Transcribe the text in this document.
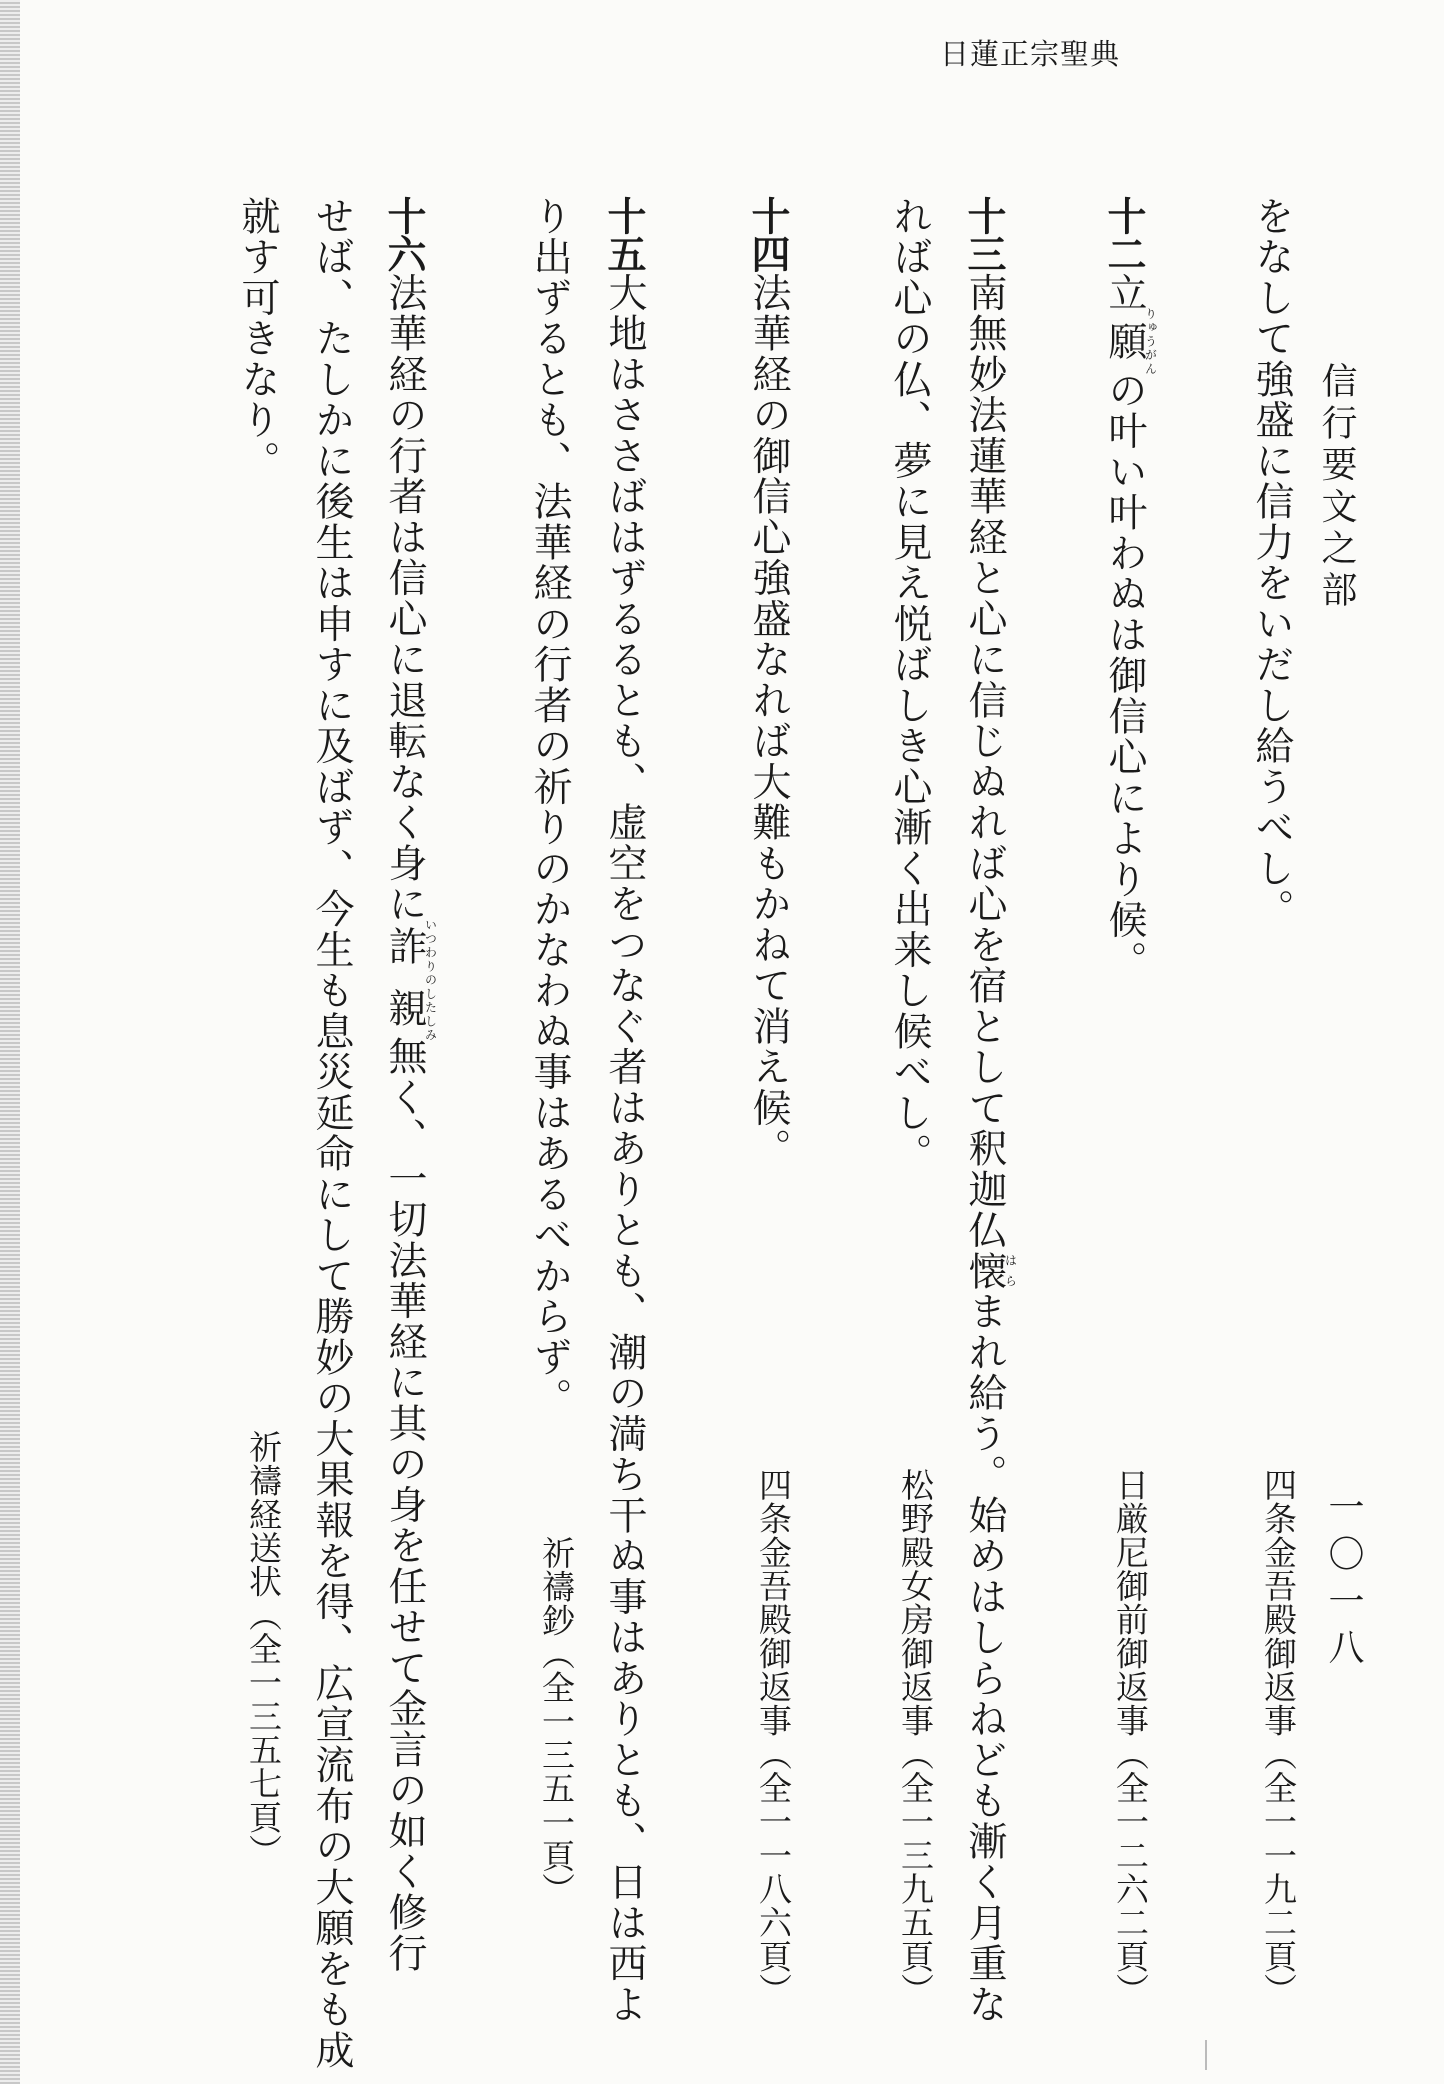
日蓮正宗聖典
信行要文之部
一〇一八
をなして強盛に信力をいだし給うべし。
四条金吾殿御返事（全一一九二頁）
十二立願りゅうがんの叶い叶わぬは御信心により候。
日厳尼御前御返事（全一二六二頁）
十三南無妙法蓮華経と心に信じぬれば心を宿として釈迦仏懐はらまれ給う。始めはしらねども漸く月重な
れば心の仏、夢に見え悦ばしき心漸く出来し候べし。
松野殿女房御返事（全一三九五頁）
十四法華経の御信心強盛なれば大難もかねて消え候。
四条金吾殿御返事（全一一八六頁）
十五大地はささばはずるるとも、虚空をつなぐ者はありとも、潮の満ち干ぬ事はありとも、日は西よ
り出ずるとも、法華経の行者の祈りのかなわぬ事はあるべからず。
祈禱鈔（全一三五一頁）
十六法華経の行者は信心に退転なく身に詐いつわり親のしたしみ無く、一切法華経に其の身を任せて金言の如く修行
せば、たしかに後生は申すに及ばず、今生も息災延命にして勝妙の大果報を得、広宣流布の大願をも成
就す可きなり。
祈禱経送状（全一三五七頁）
